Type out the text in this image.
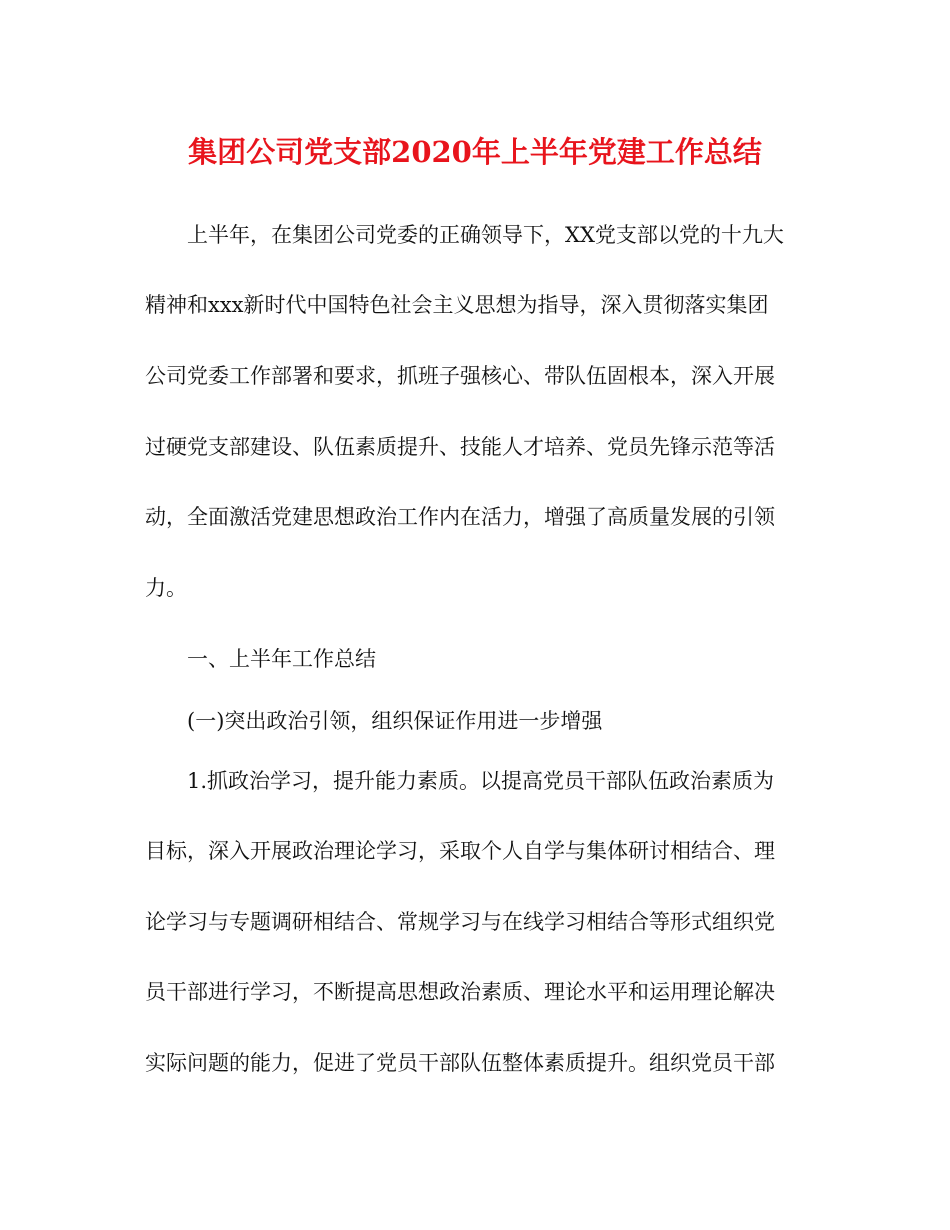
集团公司党支部2020年上半年党建工作总结

上半年，在集团公司党委的正确领导下，XX党支部以党的十九大

精神和xxx新时代中国特色社会主义思想为指导，深入贯彻落实集团

公司党委工作部署和要求，抓班子强核心、带队伍固根本，深入开展

过硬党支部建设、队伍素质提升、技能人才培养、党员先锋示范等活

动，全面激活党建思想政治工作内在活力，增强了高质量发展的引领

力。

一、上半年工作总结

(一)突出政治引领，组织保证作用进一步增强

1.抓政治学习，提升能力素质。以提高党员干部队伍政治素质为

目标，深入开展政治理论学习，采取个人自学与集体研讨相结合、理

论学习与专题调研相结合、常规学习与在线学习相结合等形式组织党

员干部进行学习，不断提高思想政治素质、理论水平和运用理论解决

实际问题的能力，促进了党员干部队伍整体素质提升。组织党员干部
